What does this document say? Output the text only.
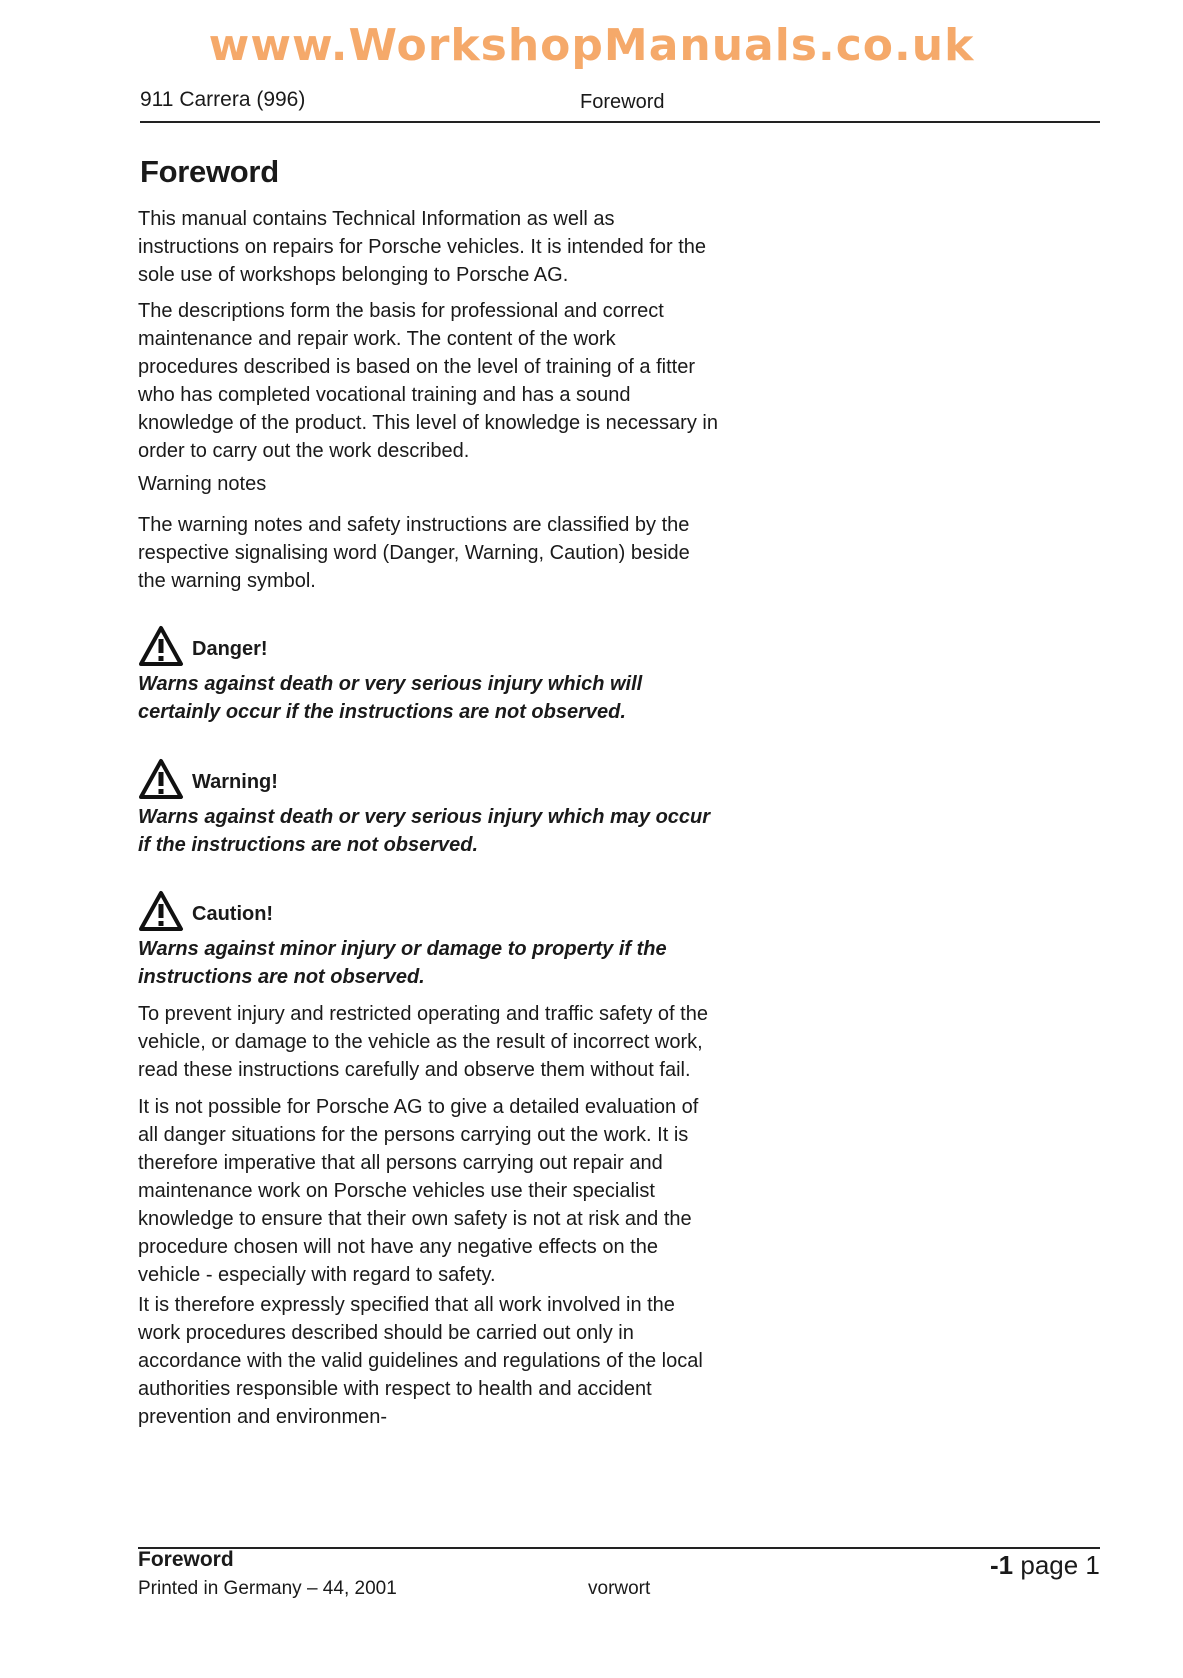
www.WorkshopManuals.co.uk
911 Carrera (996)	Foreword
Foreword

This manual contains Technical Information as well as instructions on repairs for Porsche vehicles. It is intended for the sole use of workshops belonging to Porsche AG.

The descriptions form the basis for professional and correct maintenance and repair work. The content of the work procedures described is based on the level of training of a fitter who has completed vocational training and has a sound knowledge of the product. This level of knowledge is necessary in order to carry out the work described.

Warning notes

The warning notes and safety instructions are classified by the respective signalising word (Danger, Warning, Caution) beside the warning symbol.

Danger!

Warns against death or very serious injury which will certainly occur if the instructions are not observed.

Warning!

Warns against death or very serious injury which may occur if the instructions are not observed.

Caution!

Warns against minor injury or damage to property if the instructions are not observed.

To prevent injury and restricted operating and traffic safety of the vehicle, or damage to the vehicle as the result of incorrect work, read these instructions carefully and observe them without fail.

It is not possible for Porsche AG to give a detailed evaluation of all danger situations for the persons carrying out the work. It is therefore imperative that all persons carrying out repair and maintenance work on Porsche vehicles use their specialist knowledge to ensure that their own safety is not at risk and the procedure chosen will not have any negative effects on the vehicle - especially with regard to safety.

It is therefore expressly specified that all work involved in the work procedures described should be carried out only in accordance with the valid guidelines and regulations of the local authorities responsible with respect to health and accident prevention and environmen-

Foreword
Printed in Germany – 44, 2001	vorwort
-1 page 1
